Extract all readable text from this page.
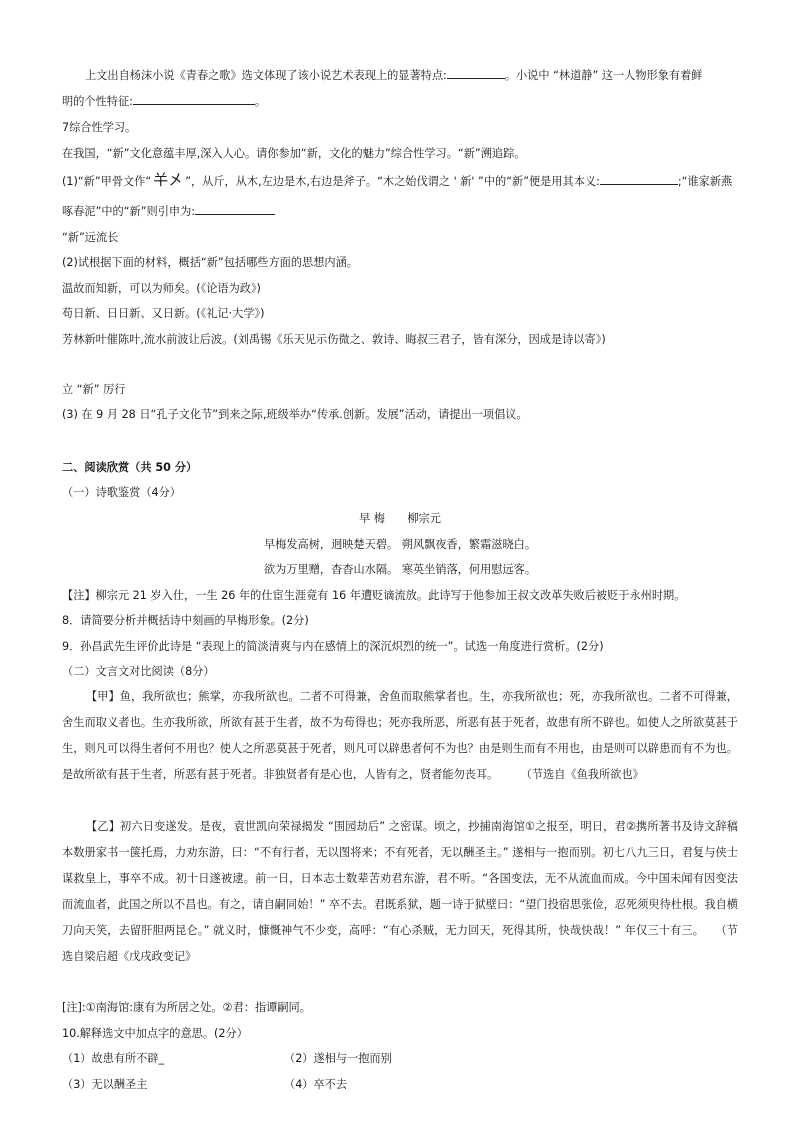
上文出自杨沫小说《青春之歌》选文体现了该小说艺术表现上的显著特点:	。小说中 “林道静” 这一人物形象有着鲜
明的个性特征:	。
7综合性学习。
在我国，“新”文化意蕴丰厚,深入人心。请你参加“新，文化的魅力”综合性学习。“新”溯追踪。
(1)“新”甲骨文作“ 𢆉㐅 ”，从斤，从木,左边是木,右边是斧子。“木之始伐谓之 ' 新' ”中的“新”便是用其本义:	;“谁家新燕
啄春泥”中的“新”则引申为:
“新”远流长
(2)试根据下面的材料，概括“新”包括哪些方面的思想内涵。
温故而知新，可以为师矣。(《论语为政》)
苟日新、日日新、又日新。(《礼记·大学》)
芳林新叶催陈叶,流水前波让后波。(刘禹锡《乐天见示伤微之、敦诗、晦叔三君子，皆有深分，因成是诗以寄》)
立 “新” 厉行
(3) 在 9 月 28 日“孔子文化节”到来之际,班级举办“传承.创新。发展”活动，请提出一项倡议。
二、阅读欣赏（共 50 分）
（一）诗歌鉴赏（4分）
早 梅　　柳宗元
早梅发高树，迥映楚天碧。 朔风飘夜香，繁霜滋晓白。
欲为万里赠，杳杳山水隔。 寒英坐销落，何用慰远客。
【注】柳宗元 21 岁入仕，一生 26 年的仕宦生涯竟有 16 年遭贬谪流放。此诗写于他参加王叔文改革失败后被贬于永州时期。
8．请简要分析并概括诗中刻画的早梅形象。(2分)
9．孙昌武先生评价此诗是 “表现上的简淡清爽与内在感情上的深沉炽烈的统一”。试选一角度进行赏析。(2分)
（二）文言文对比阅读（8分）
【甲】鱼，我所欲也；熊掌，亦我所欲也。二者不可得兼，舍鱼而取熊掌者也。生，亦我所欲也；死，亦我所欲也。二者不可得兼，舍生而取义者也。生亦我所欲，所欲有甚于生者，故不为苟得也；死亦我所恶，所恶有甚于死者，故患有所不辟也。如使人之所欲莫甚于生，则凡可以得生者何不用也？使人之所恶莫甚于死者，则凡可以辟患者何不为也？由是则生而有不用也，由是则可以辟患而有不为也。是故所欲有甚于生者，所恶有甚于死者。非独贤者有是心也，人皆有之，贤者能勿丧耳。　　　（节选自《鱼我所欲也》
【乙】初六日变遂发。是夜，袁世凯向荣禄揭发 “围园劫后” 之密谋。顷之，抄捕南海馆①之报至，明日，君②携所著书及诗文辞稿本数册家书一箧托焉，力劝东游，曰：“不有行者，无以图将来；不有死者，无以酬圣主。” 遂相与一抱而别。初七八九三日，君复与侠士谋救皇上，事卒不成。初十日遂被逮。前一日，日本志士数辈苦劝君东游，君不听。“各国变法，无不从流血而成。今中国未闻有因变法而流血者，此国之所以不昌也。有之，请自嗣同始！” 卒不去。君既系狱，题一诗于狱壁曰：“望门投宿思张俭，忍死须臾待杜根。我自横刀向天笑，去留肝胆两昆仑。” 就义时，慷慨神气不少变，高呼：“有心杀贼，无力回天，死得其所，快哉快哉！” 年仅三十有三。　　（节选自梁启超《戊戌政变记》
[注]:①南海馆:康有为所居之处。②君：指谭嗣同。
10.解释选文中加点字的意思。(2分）
（1）故患有所不辟_	（2）遂相与一抱而别
（3）无以酬圣主	（4）卒不去
